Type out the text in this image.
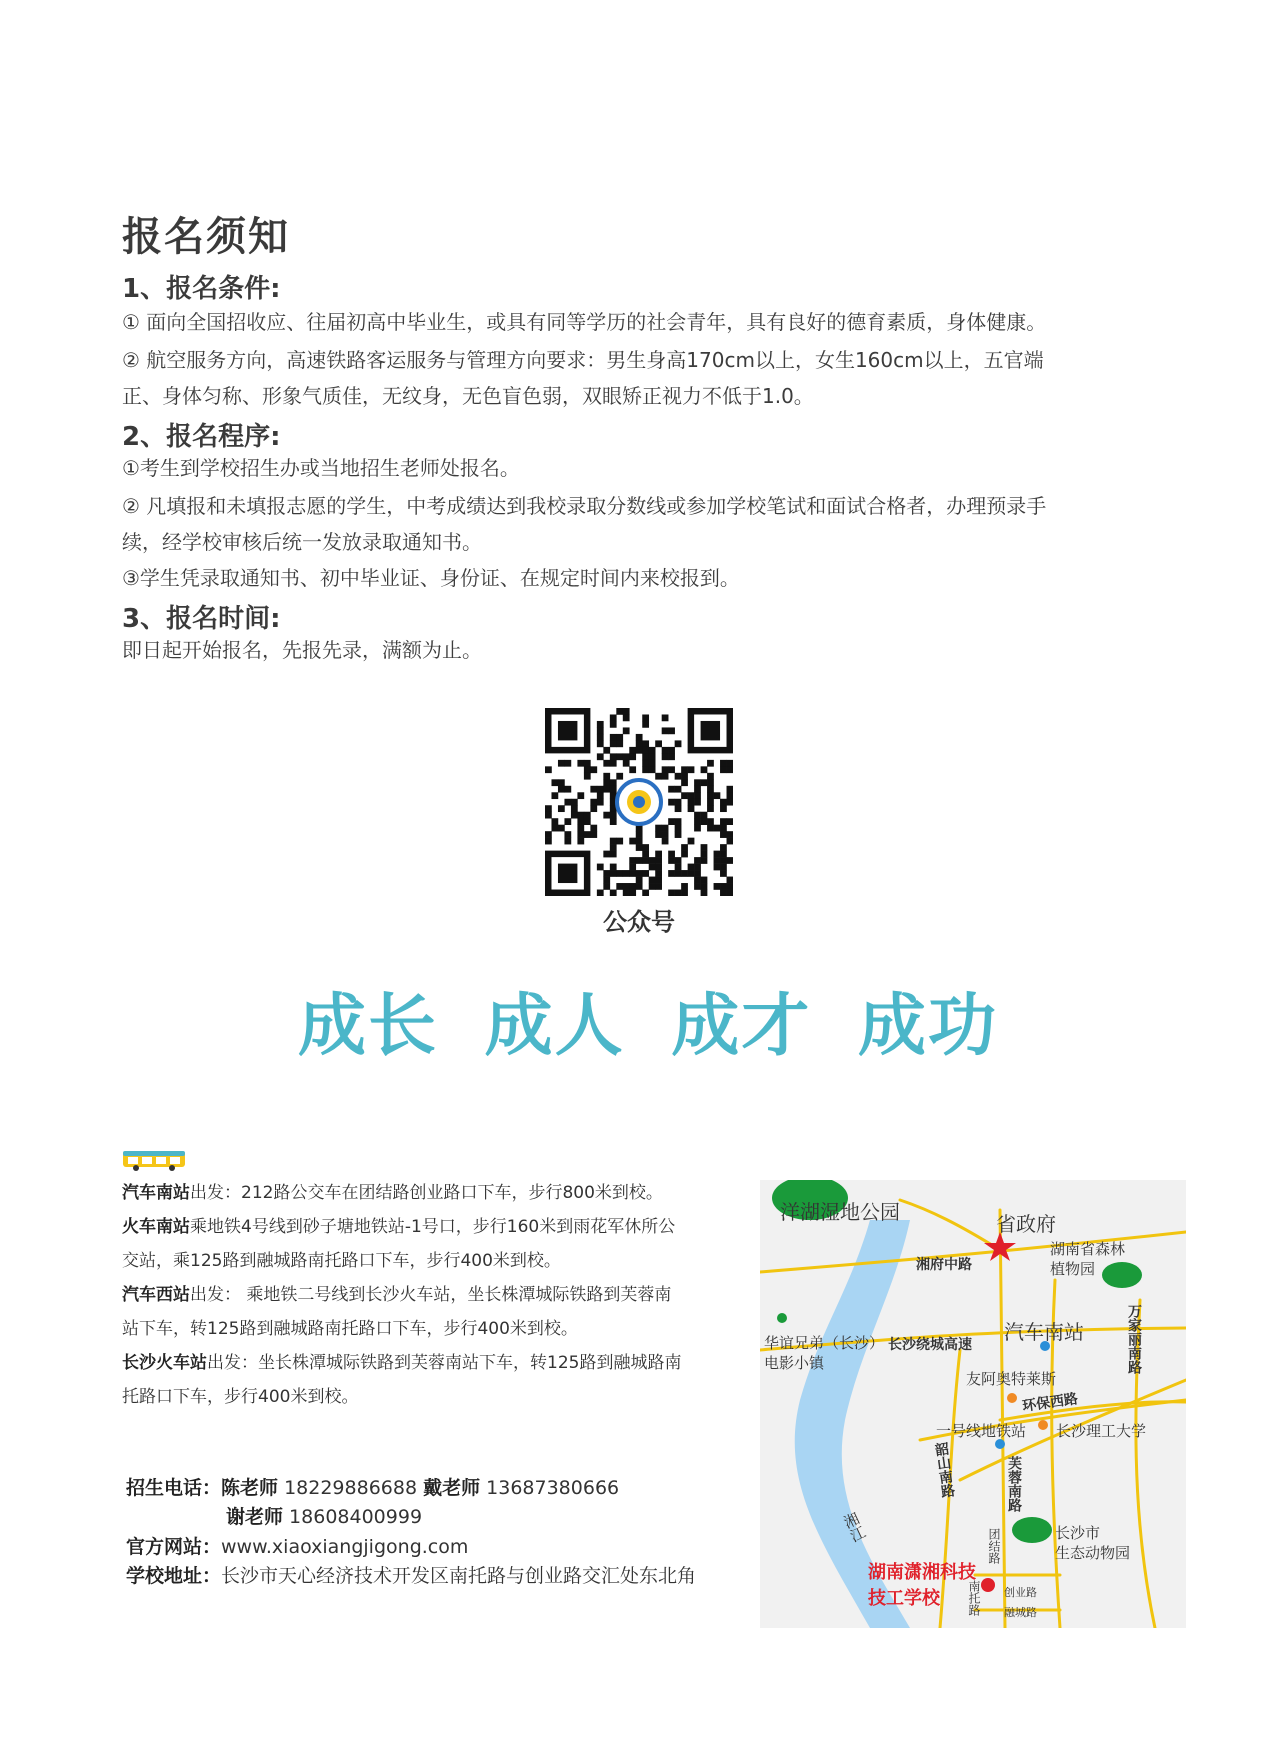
报名须知
1、报名条件:
① 面向全国招收应、往届初高中毕业生，或具有同等学历的社会青年，具有良好的德育素质，身体健康。
② 航空服务方向，高速铁路客运服务与管理方向要求：男生身高170cm以上，女生160cm以上，五官端
正、身体匀称、形象气质佳，无纹身，无色盲色弱，双眼矫正视力不低于1.0。
2、报名程序:
①考生到学校招生办或当地招生老师处报名。
② 凡填报和未填报志愿的学生，中考成绩达到我校录取分数线或参加学校笔试和面试合格者，办理预录手
续，经学校审核后统一发放录取通知书。
③学生凭录取通知书、初中毕业证、身份证、在规定时间内来校报到。
3、报名时间:
即日起开始报名，先报先录，满额为止。
公众号
成长 成人 成才 成功
汽车南站出发：212路公交车在团结路创业路口下车，步行800米到校。
火车南站乘地铁4号线到砂子塘地铁站-1号口，步行160米到雨花军休所公
交站，乘125路到融城路南托路口下车，步行400米到校。
汽车西站出发： 乘地铁二号线到长沙火车站，坐长株潭城际铁路到芙蓉南
站下车，转125路到融城路南托路口下车，步行400米到校。
长沙火车站出发：坐长株潭城际铁路到芙蓉南站下车，转125路到融城路南
托路口下车，步行400米到校。
招生电话：陈老师 18229886688 戴老师 13687380666
谢老师 18608400999
官方网站：www.xiaoxiangjigong.com
学校地址：长沙市天心经济技术开发区南托路与创业路交汇处东北角
洋湖湿地公园	省政府
湖南省森林
植物园
湘府中路
华谊兄弟（长沙）
电影小镇
长沙绕城高速
汽车南站	万家丽南路
友阿奥特莱斯
环保西路
一号线地铁站 长沙理工大学
韶山南路	芙蓉南路
湘江	长沙市
生态动物园
团结路
湖南潇湘科技
技工学校 南托路 创业路
融城路
